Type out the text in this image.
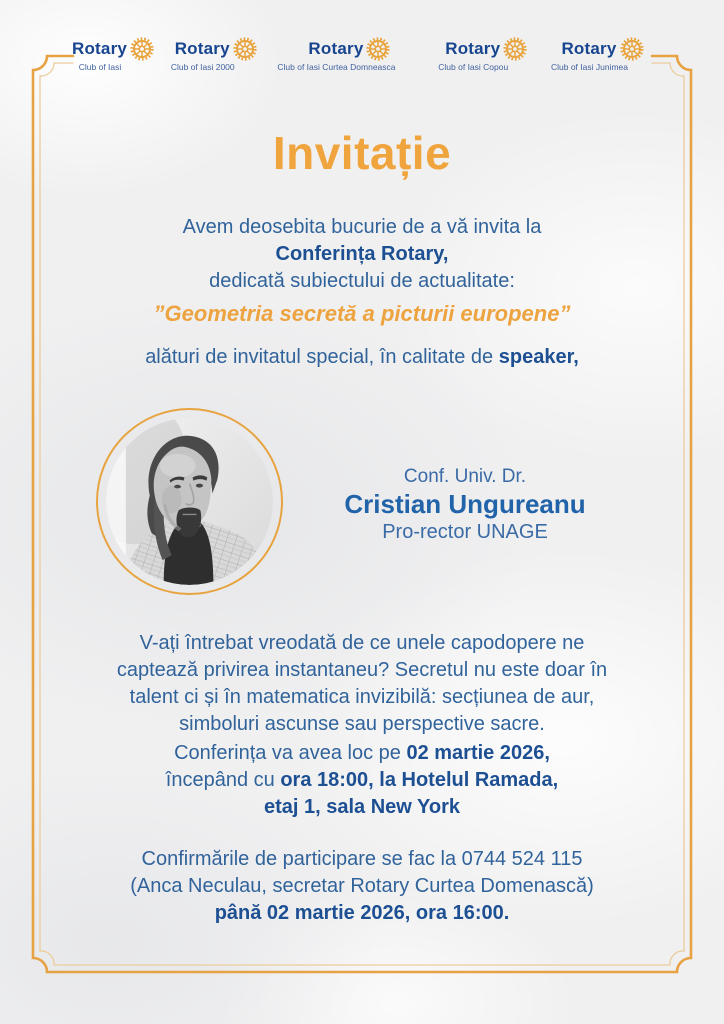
Rotary
Club of Iasi
Rotary
Club of Iasi 2000
Rotary
Club of Iasi Curtea Domneasca
Rotary
Club of Iasi Copou
Rotary
Club of Iasi Junimea
Invitație
Avem deosebita bucurie de a vă invita la
Conferința Rotary,
dedicată subiectului de actualitate:
”Geometria secretă a picturii europene”
alături de invitatul special, în calitate de speaker,
Conf. Univ. Dr.
Cristian Ungureanu
Pro-rector UNAGE
V-ați întrebat vreodată de ce unele capodopere ne
captează privirea instantaneu? Secretul nu este doar în
talent ci și în matematica invizibilă: secțiunea de aur,
simboluri ascunse sau perspective sacre.
Conferința va avea loc pe 02 martie 2026,
începând cu ora 18:00, la Hotelul Ramada,
etaj 1, sala New York
Confirmările de participare se fac la 0744 524 115
(Anca Neculau, secretar Rotary Curtea Domenască)
până 02 martie 2026, ora 16:00.
